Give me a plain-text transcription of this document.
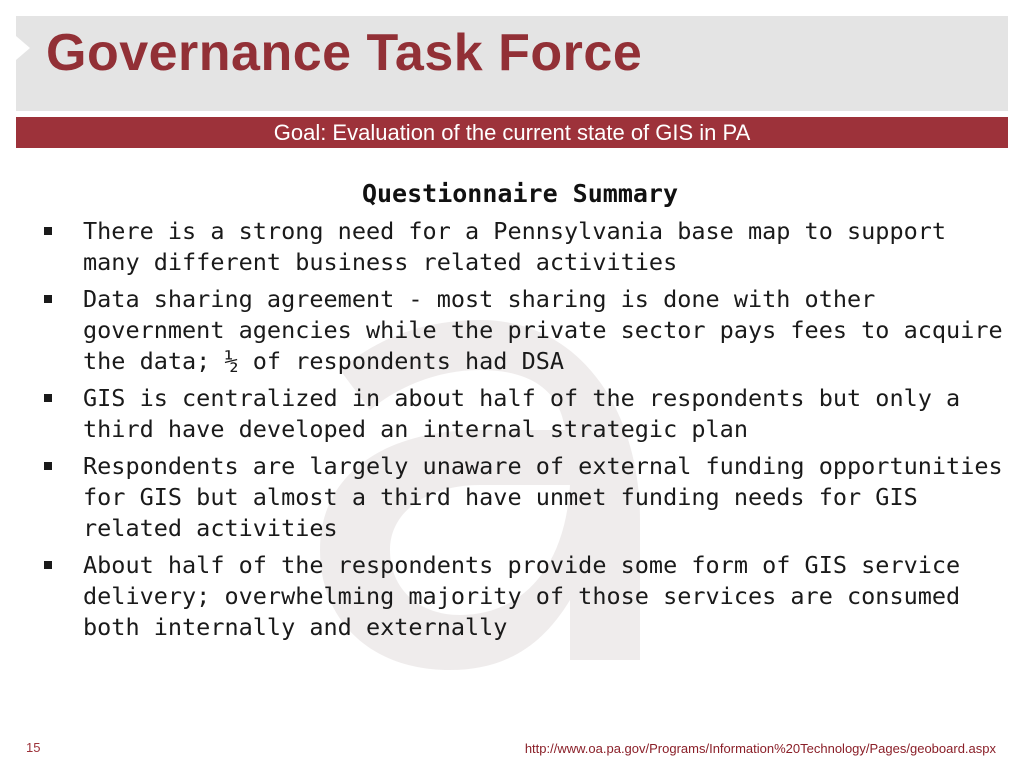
Governance Task Force
Goal: Evaluation of the current state of GIS in PA
Questionnaire Summary
There is a strong need for a Pennsylvania base map to support many different business related activities
Data sharing agreement - most sharing is done with other government agencies while the private sector pays fees to acquire the data; ½ of respondents had DSA
GIS is centralized in about half of the respondents but only a third have developed an internal strategic plan
Respondents are largely unaware of external funding opportunities for GIS but almost a third have unmet funding needs for GIS related activities
About half of the respondents provide some form of GIS service delivery; overwhelming majority of those services are consumed both internally and externally
15	http://www.oa.pa.gov/Programs/Information%20Technology/Pages/geoboard.aspx
